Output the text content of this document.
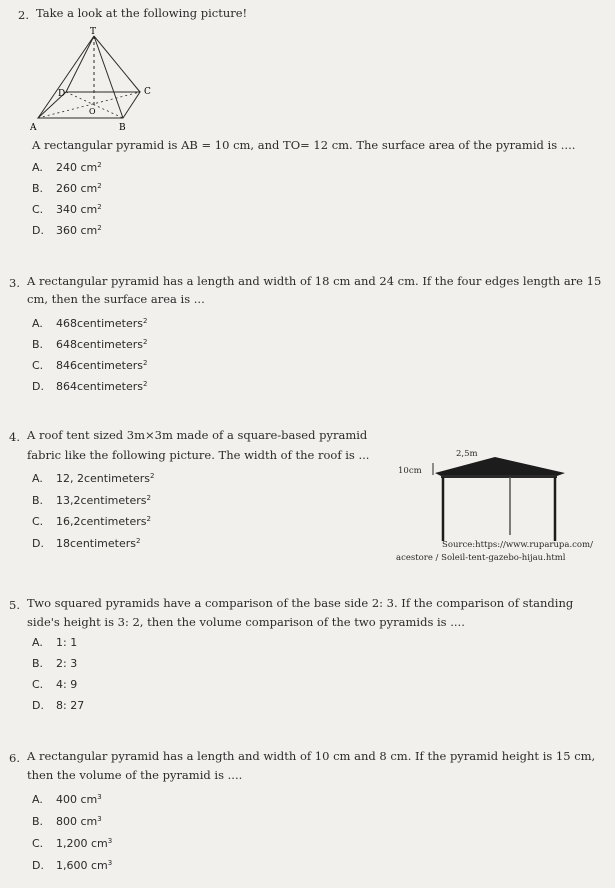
2. Take a look at the following picture!
T
A	B
C
D
O
A rectangular pyramid is AB = 10 cm, and TO= 12 cm. The surface area of the pyramid is ....
A. 240 $cm^2$
B. 260 $cm^2$
C. 340 $cm^2$
D. 360 $cm^2$
3. A rectangular pyramid has a length and width of 18 cm and 24 cm. If the four edges length are 15
cm, then the surface area is ...
A. 468centimeters$^2$
B. 648centimeters$^2$
C. 846centimeters$^2$
D. 864centimeters$^2$
4. A roof tent sized 3m×3m made of a square-based pyramid
fabric like the following picture. The width of the roof is ...
A. 12, 2centimeters$^2$
B. 13,2centimeters$^2$
C. 16,2centimeters$^2$
D. 18centimeters$^2$
2,5m
10cm
Source:https://www.ruparupa.com/
acestore / Soleil-tent-gazebo-hijau.html
5. Two squared pyramids have a comparison of the base side 2: 3. If the comparison of standing
side's height is 3: 2, then the volume comparison of the two pyramids is ....
A. 1: 1
B. 2: 3
C. 4: 9
D. 8: 27
6. A rectangular pyramid has a length and width of 10 cm and 8 cm. If the pyramid height is 15 cm,
then the volume of the pyramid is ....
A. 400 $cm^3$
B. 800 $cm^3$
C. 1,200 $cm^3$
D. 1,600 $cm^3$
